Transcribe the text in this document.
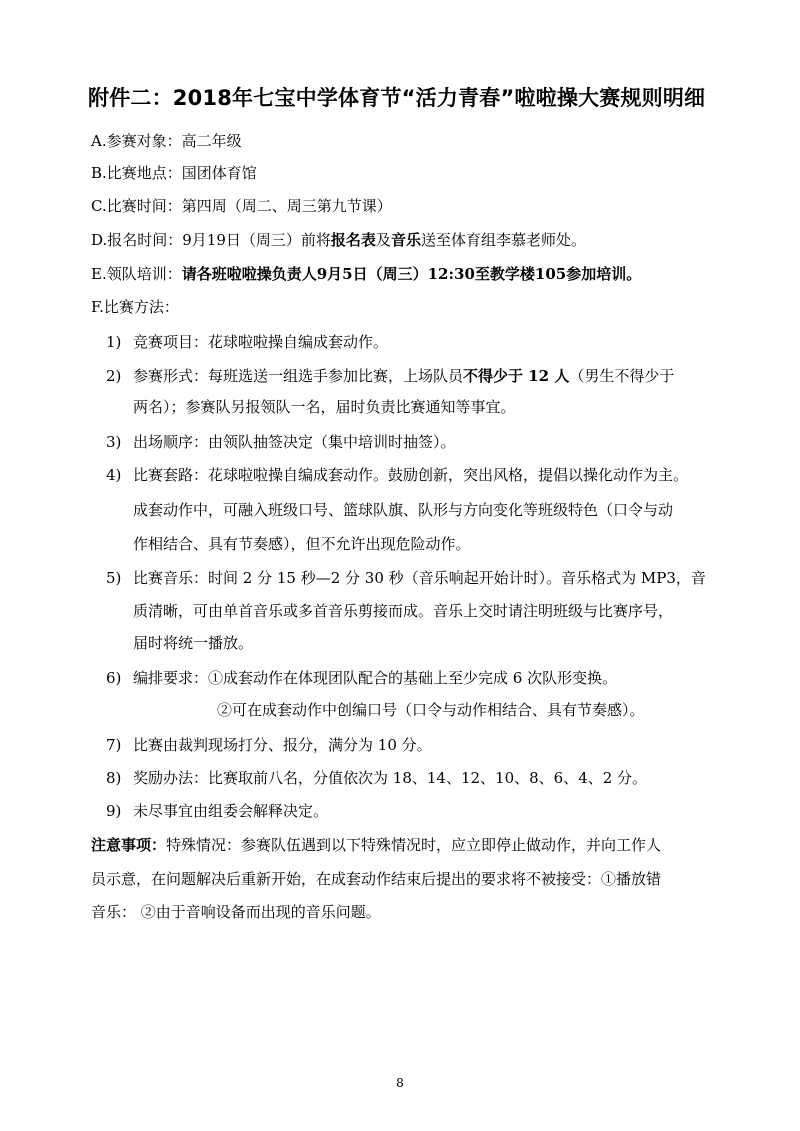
附件二：2018年七宝中学体育节“活力青春”啦啦操大赛规则明细
A.参赛对象：高二年级
B.比赛地点：国团体育馆
C.比赛时间：第四周（周二、周三第九节课）
D.报名时间：9月19日（周三）前将报名表及音乐送至体育组李慕老师处。
E.领队培训：请各班啦啦操负责人9月5日（周三）12:30至教学楼105参加培训。
F.比赛方法：
1) 竞赛项目：花球啦啦操自编成套动作。
2) 参赛形式：每班选送一组选手参加比赛，上场队员不得少于 12 人（男生不得少于
两名）；参赛队另报领队一名，届时负责比赛通知等事宜。
3) 出场顺序：由领队抽签决定（集中培训时抽签）。
4) 比赛套路：花球啦啦操自编成套动作。鼓励创新，突出风格，提倡以操化动作为主。
成套动作中，可融入班级口号、篮球队旗、队形与方向变化等班级特色（口令与动
作相结合、具有节奏感），但不允许出现危险动作。
5) 比赛音乐：时间 2 分 15 秒—2 分 30 秒（音乐响起开始计时）。音乐格式为 MP3，音
质清晰，可由单首音乐或多首音乐剪接而成。音乐上交时请注明班级与比赛序号，
届时将统一播放。
6) 编排要求：①成套动作在体现团队配合的基础上至少完成 6 次队形变换。
②可在成套动作中创编口号（口令与动作相结合、具有节奏感）。
7) 比赛由裁判现场打分、报分，满分为 10 分。
8) 奖励办法：比赛取前八名，分值依次为 18、14、12、10、8、6、4、2 分。
9) 未尽事宜由组委会解释决定。
注意事项：特殊情况：参赛队伍遇到以下特殊情况时，应立即停止做动作，并向工作人
员示意，在问题解决后重新开始，在成套动作结束后提出的要求将不被接受：①播放错
音乐： ②由于音响设备而出现的音乐问题。
8
